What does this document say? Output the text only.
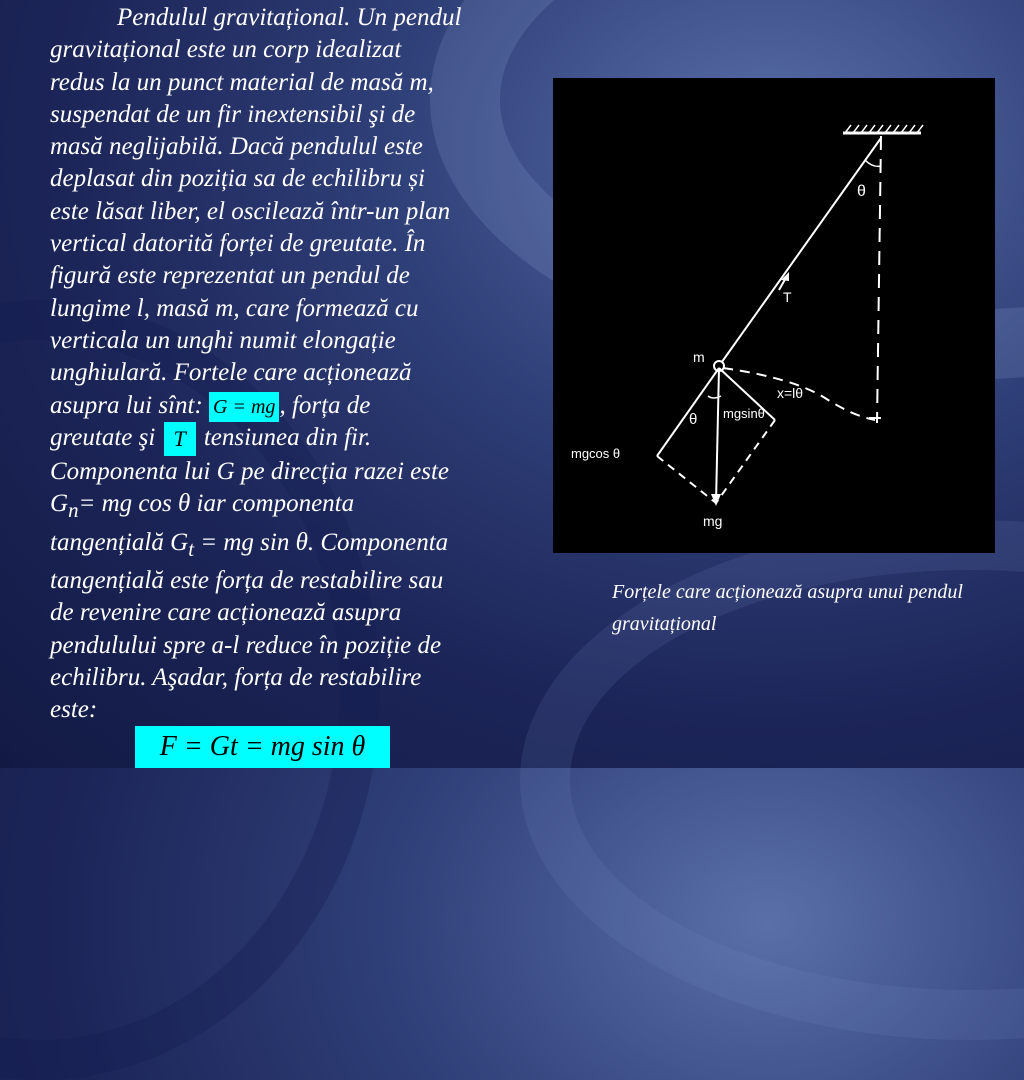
Pendulul gravitațional. Un pendul
gravitațional este un corp idealizat
redus la un punct material de masă m,
suspendat de un fir inextensibil şi de
masă neglijabilă. Dacă pendulul este
deplasat din poziția sa de echilibru și
este lăsat liber, el oscilează într-un plan
vertical datorită forței de greutate. În
figură este reprezentat un pendul de
lungime l, masă m, care formează cu
verticala un unghi numit elongație
unghiulară. Fortele care acționează
asupra lui sînt: G = mg , forța de
greutate şi T tensiunea din fir.
Componenta lui G pe direcția razei este
$G_n=$ mg cos θ iar componenta
tangențială $G_t$ = mg sin θ. Componenta
tangențială este forța de restabilire sau
de revenire care acționează asupra
pendulului spre a-l reduce în poziție de
echilibru. Aşadar, forța de restabilire
este:
F = Gt = mg sin θ
θ
T
m
x=lθ
θ mgsinθ
mgcos θ
mg
Forțele care acționează asupra unui pendul gravitațional
